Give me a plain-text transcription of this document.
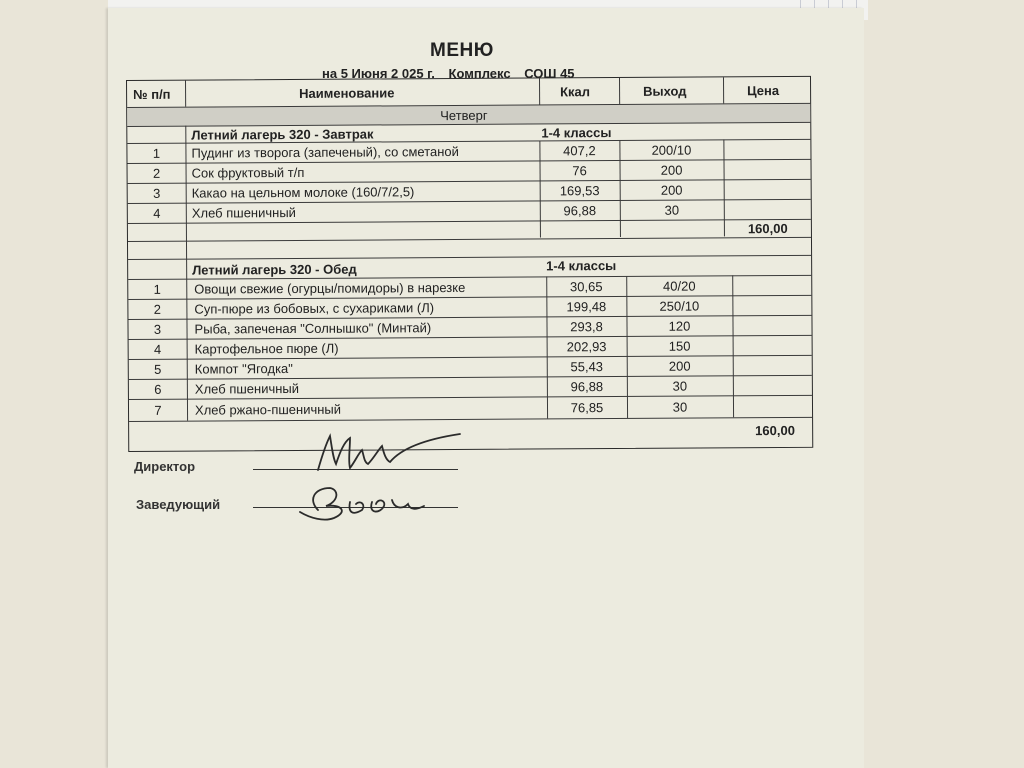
МЕНЮ
на 5 Июня 2 025 г. Комплекс СОШ 45
№ п/п	Наименование	Ккал	Выход	Цена
Четверг
Летний лагерь 320 - Завтрак	1-4 классы
1	Пудинг из творога (запеченый), со сметаной	407,2	200/10
2	Сок фруктовый т/п	76	200
3	Какао на цельном молоке (160/7/2,5)	169,53	200
4	Хлеб пшеничный	96,88	30
160,00
Летний лагерь 320 - Обед	1-4 классы
1	Овощи свежие (огурцы/помидоры) в нарезке	30,65	40/20
2	Суп-пюре из бобовых, с сухариками (Л)	199,48	250/10
3	Рыба, запеченая "Солнышко" (Минтай)	293,8	120
4	Картофельное пюре (Л)	202,93	150
5	Компот "Ягодка"	55,43	200
6	Хлеб пшеничный	96,88	30
7	Хлеб ржано-пшеничный	76,85	30
160,00
Директор
Заведующий
